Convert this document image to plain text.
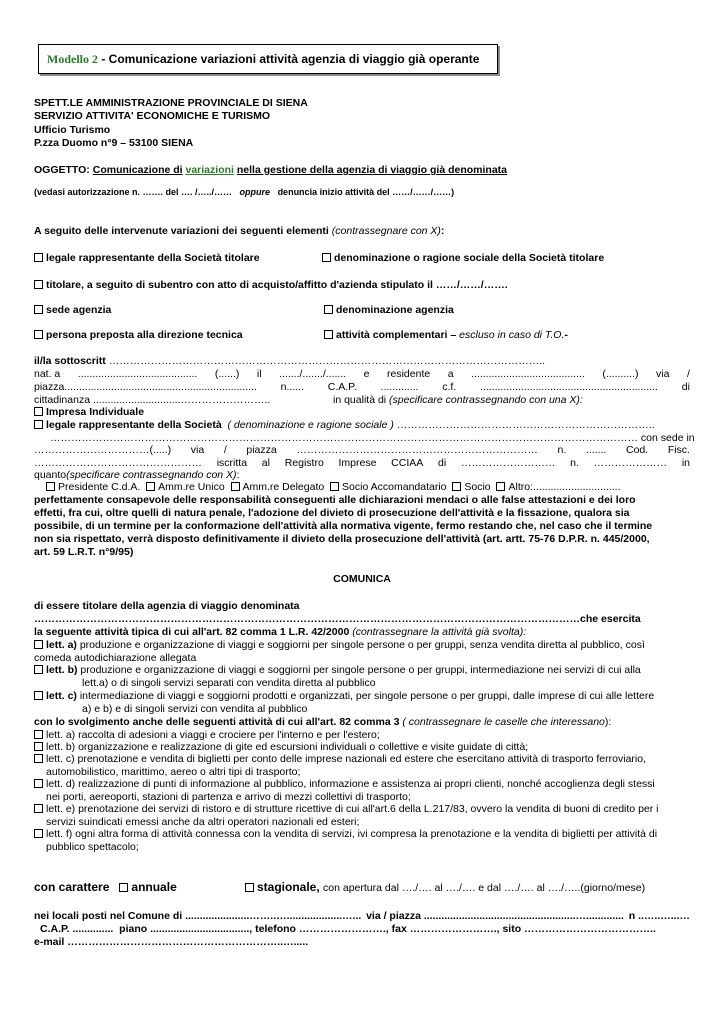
Modello 2 - Comunicazione variazioni attività agenzia di viaggio già operante
SPETT.LE AMMINISTRAZIONE PROVINCIALE DI SIENA
SERVIZIO ATTIVITA' ECONOMICHE E TURISMO
Ufficio Turismo
P.zza Duomo n°9 – 53100 SIENA
OGGETTO: Comunicazione di variazioni nella gestione della agenzia di viaggio già denominata
(vedasi autorizzazione n. ……. del …. /…../…… oppure denuncia inizio attività del ……/……/……)
A seguito delle intervenute variazioni dei seguenti elementi (contrassegnare con X):
legale rappresentante della Società titolare	denominazione o ragione sociale della Società titolare
titolare, a seguito di subentro con atto di acquisto/affitto d'azienda stipulato il ……/……/…….
sede agenzia	denominazione agenzia
persona preposta alla direzione tecnica	attività complementari – escluso in caso di T.O.-
il/la sottoscritt ……………………………………………………………………………………………………………..
nat. a ......................................... (......) il ......./......./....... e residente a ....................................... (..........) via /
piazza.................................................................. n...... C.A.P. ............. c.f. ............................................................. di
cittadinanza ..............................……………………..	in qualità di (specificare contrassegnando con una X):
Impresa Individuale
legale rappresentante della Società ( denominazione e ragione sociale ) ………………………………………………………………..
…………………………………………………………………………………………………………………………………………………… con sede in
……………………………(.....) via / piazza …………………………………………………………… n. ....... Cod. Fisc.
………………………………………… iscritta al Registro Imprese CCIAA di ……………………… n. ………………… in
quanto(specificare contrassegnando con X):
Presidente C.d.A. Amm.re Unico Amm.re Delegato Socio Accomandatario Socio Altro:..............................
perfettamente consapevole delle responsabilità conseguenti alle dichiarazioni mendaci o alle false attestazioni e dei loro
effetti, fra cui, oltre quelli di natura penale, l'adozione del divieto di prosecuzione dell'attività e la fissazione, qualora sia
possibile, di un termine per la conformazione dell'attività alla normativa vigente, fermo restando che, nel caso che il termine
non sia rispettato, verrà disposto definitivamente il divieto della prosecuzione dell'attività (art. artt. 75-76 D.P.R. n. 445/2000,
art. 59 L.R.T. n°9/95)
COMUNICA
di essere titolare della agenzia di viaggio denominata
…………………………………………………………………………………………………………………………………………che esercita
la seguente attività tipica di cui all'art. 82 comma 1 L.R. 42/2000 (contrassegnare la attività già svolta):
lett. a) produzione e organizzazione di viaggi e soggiorni per singole persone o per gruppi, senza vendita diretta al pubblico, così
comeda autodichiarazione allegata
lett. b) produzione e organizzazione di viaggi e soggiorni per singole persone o per gruppi, intermediazione nei servizi di cui alla
lett.a) o di singoli servizi separati con vendita diretta al pubblico
lett. c) intermediazione di viaggi e soggiorni prodotti e organizzati, per singole persone o per gruppi, dalle imprese di cui alle lettere
a) e b) e di singoli servizi con vendita al pubblico
con lo svolgimento anche delle seguenti attività di cui all'art. 82 comma 3 ( contrassegnare le caselle che interessano):
lett. a) raccolta di adesioni a viaggi e crociere per l'interno e per l'estero;
lett. b) organizzazione e realizzazione di gite ed escursioni individuali o collettive e visite guidate di città;
lett. c) prenotazione e vendita di biglietti per conto delle imprese nazionali ed estere che esercitano attività di trasporto ferroviario,
automobilistico, marittimo, aereo o altri tipi di trasporto;
lett. d) realizzazione di punti di informazione al pubblico, informazione e assistenza ai propri clienti, nonché accoglienza degli stessi
nei porti, aereoporti, stazioni di partenza e arrivo di mezzi collettivi di trasporto;
lett. e) prenotazione dei servizi di ristoro e di strutture ricettive di cui all'art.6 della L.217/83, ovvero la vendita di buoni di credito per i
servizi suindicati emessi anche da altri operatori nazionali ed esteri;
lett. f) ogni altra forma di attività connessa con la vendita di servizi, ivi compresa la prenotazione e la vendita di biglietti per attività di
pubblico spettacolo;
con carattere annuale	stagionale, con apertura dal …./…. al …./…. e dal …./…. al …./…..(giorno/mese)
nei locali posti nel Comune di ......................……..…...................…... via / piazza ....................................................…............. n ..…..…...…
C.A.P. .............. piano .................................., telefono ……………………., fax ……………………., sito ………………………………..
e-mail ……………………………………………………..….....
